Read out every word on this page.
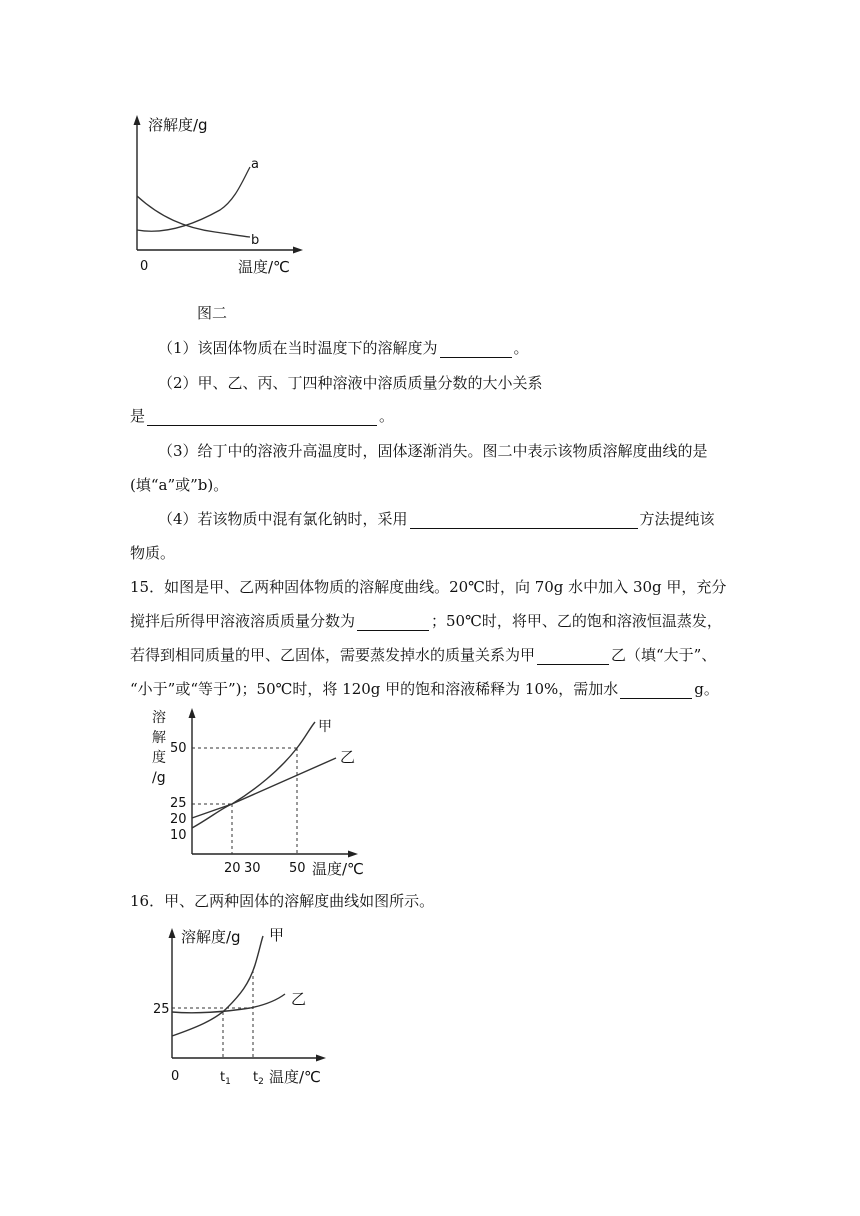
溶解度/g
a
b
0	温度/℃
图二
（1）该固体物质在当时温度下的溶解度为	。
（2）甲、乙、丙、丁四种溶液中溶质质量分数的大小关系
是	。
（3）给丁中的溶液升高温度时，固体逐渐消失。图二中表示该物质溶解度曲线的是
(填“a”或”b)。
（4）若该物质中混有氯化钠时，采用	方法提纯该
物质。
15．如图是甲、乙两种固体物质的溶解度曲线。20℃时，向 70g 水中加入 30g 甲，充分
搅拌后所得甲溶液溶质质量分数为	；50℃时，将甲、乙的饱和溶液恒温蒸发，
若得到相同质量的甲、乙固体，需要蒸发掉水的质量关系为甲	乙（填“大于”、
“小于”或“等于”)；50℃时，将 120g 甲的饱和溶液稀释为 10%，需加水	g。
溶
解
度
/g
50
25
20
10
20 30 50 温度/℃
甲
乙
16．甲、乙两种固体的溶解度曲线如图所示。
溶解度/g 甲
乙
25
0	$t_1$ $t_2$ 温度/℃
